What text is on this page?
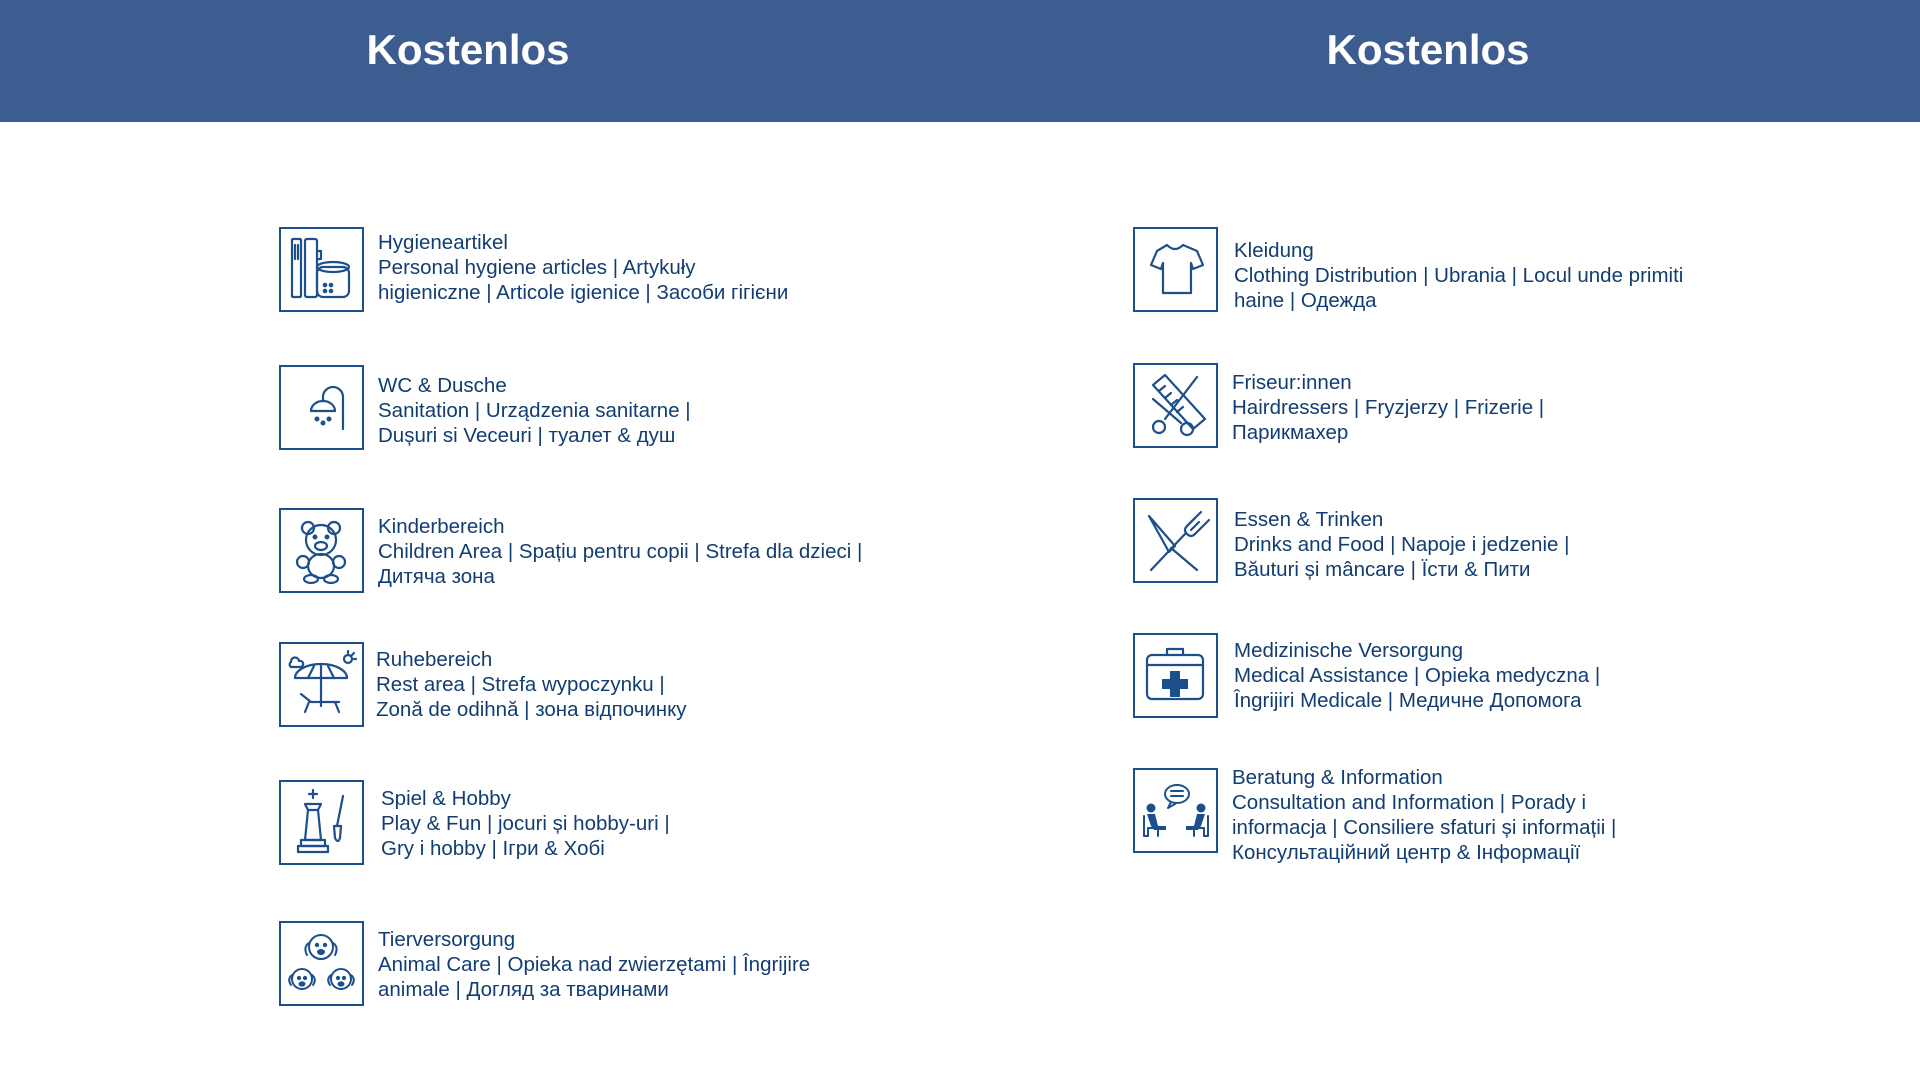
Kostenlos	Kostenlos
Hygieneartikel
Personal hygiene articles | Artykuły
higieniczne | Articole igienice | Засоби гігієни
WC & Dusche
Sanitation | Urządzenia sanitarne |
Dușuri si Veceuri | туалет & душ
Kinderbereich
Children Area | Spațiu pentru copii | Strefa dla dzieci |
Дитяча зона
Ruhebereich
Rest area | Strefa wypoczynku |
Zonă de odihnă | зона відпочинку
Spiel & Hobby
Play & Fun | jocuri și hobby-uri |
Gry i hobby | Ігри & Хобі
Tierversorgung
Animal Care | Opieka nad zwierzętami | Îngrijire
animale | Догляд за тваринами
Kleidung
Clothing Distribution | Ubrania | Locul unde primiti
haine | Одежда
Friseur:innen
Hairdressers | Fryzjerzy | Frizerie |
Парикмахер
Essen & Trinken
Drinks and Food | Napoje i jedzenie |
Băuturi și mâncare | Їсти & Пити
Medizinische Versorgung
Medical Assistance | Opieka medyczna |
Îngrijiri Medicale | Медичне Допомога
Beratung & Information
Consultation and Information | Porady i
informacja | Consiliere sfaturi și informații |
Консультаційний центр & Інформації
